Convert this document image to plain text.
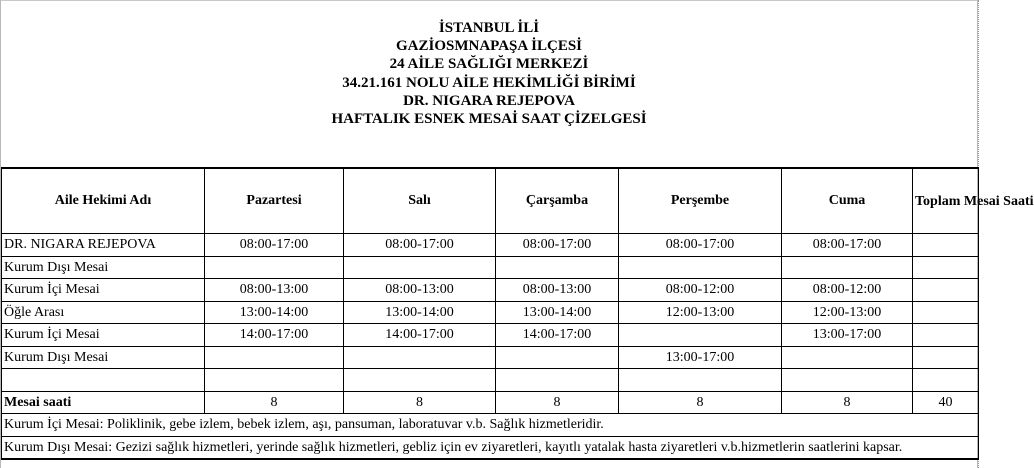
İSTANBUL İLİ
GAZİOSMNAPAŞA İLÇESİ
24 AİLE SAĞLIĞI MERKEZİ
34.21.161 NOLU AİLE HEKİMLİĞİ BİRİMİ
DR. NIGARA REJEPOVA
HAFTALIK ESNEK MESAİ SAAT ÇİZELGESİ
Aile Hekimi Adı	Pazartesi	Salı	Çarşamba	Perşembe	Cuma	Toplam Mesai Saati
DR. NIGARA REJEPOVA	08:00-17:00	08:00-17:00	08:00-17:00	08:00-17:00	08:00-17:00	
Kurum Dışı Mesai						
Kurum İçi Mesai	08:00-13:00	08:00-13:00	08:00-13:00	08:00-12:00	08:00-12:00	
Öğle Arası	13:00-14:00	13:00-14:00	13:00-14:00	12:00-13:00	12:00-13:00	
Kurum İçi Mesai	14:00-17:00	14:00-17:00	14:00-17:00		13:00-17:00	
Kurum Dışı Mesai				13:00-17:00		

Mesai saati	8	8	8	8	8	40
Kurum İçi Mesai: Poliklinik, gebe izlem, bebek izlem, aşı, pansuman, laboratuvar v.b. Sağlık hizmetleridir.						
Kurum Dışı Mesai: Gezizi sağlık hizmetleri, yerinde sağlık hizmetleri, gebliz için ev ziyaretleri, kayıtlı yatalak hasta ziyaretleri v.b.hizmetlerin saatlerini kapsar.						
